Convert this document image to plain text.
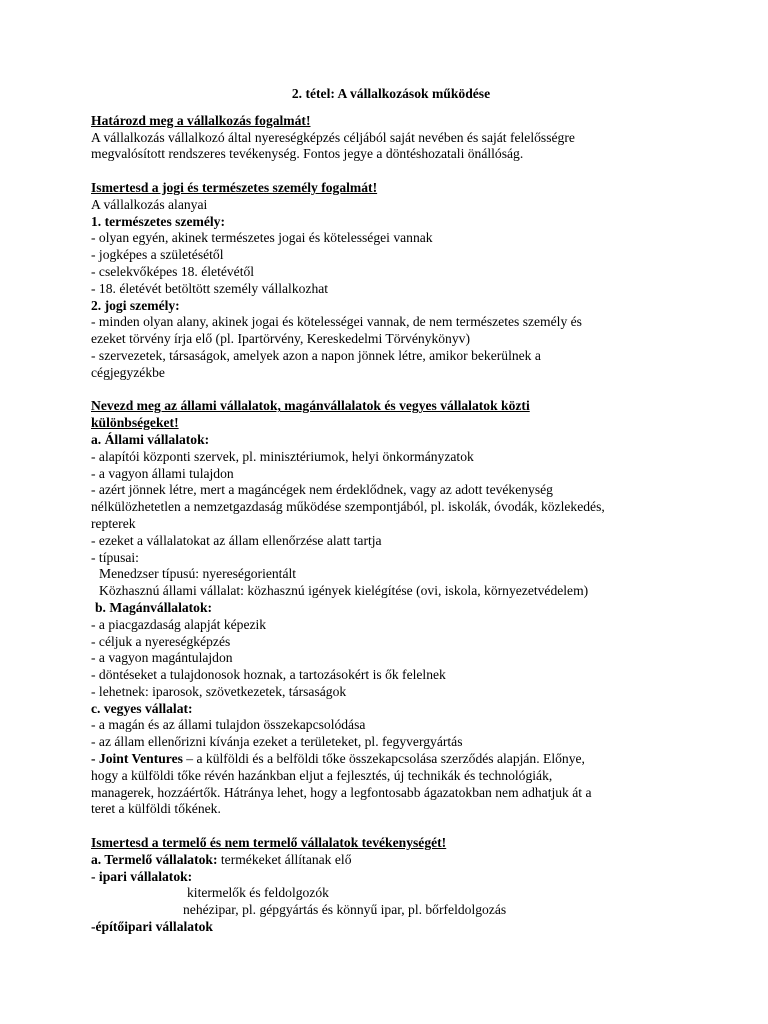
2. tétel: A vállalkozások működése
Határozd meg a vállalkozás fogalmát!
A vállalkozás vállalkozó által nyereségképzés céljából saját nevében és saját felelősségre
megvalósított rendszeres tevékenység. Fontos jegye a döntéshozatali önállóság.
Ismertesd a jogi és természetes személy fogalmát!
A vállalkozás alanyai
1. természetes személy:
- olyan egyén, akinek természetes jogai és kötelességei vannak
- jogképes a születésétől
- cselekvőképes 18. életévétől
- 18. életévét betöltött személy vállalkozhat
2. jogi személy:
- minden olyan alany, akinek jogai és kötelességei vannak, de nem természetes személy és
ezeket törvény írja elő (pl. Ipartörvény, Kereskedelmi Törvénykönyv)
- szervezetek, társaságok, amelyek azon a napon jönnek létre, amikor bekerülnek a
cégjegyzékbe
Nevezd meg az állami vállalatok, magánvállalatok és vegyes vállalatok közti
különbségeket!
a. Állami vállalatok:
- alapítói központi szervek, pl. minisztériumok, helyi önkormányzatok
- a vagyon állami tulajdon
- azért jönnek létre, mert a magáncégek nem érdeklődnek, vagy az adott tevékenység
nélkülözhetetlen a nemzetgazdaság működése szempontjából, pl. iskolák, óvodák, közlekedés,
repterek
- ezeket a vállalatokat az állam ellenőrzése alatt tartja
- típusai:
Menedzser típusú: nyereségorientált
Közhasznú állami vállalat: közhasznú igények kielégítése (ovi, iskola, környezetvédelem)
b. Magánvállalatok:
- a piacgazdaság alapját képezik
- céljuk a nyereségképzés
- a vagyon magántulajdon
- döntéseket a tulajdonosok hoznak, a tartozásokért is ők felelnek
- lehetnek: iparosok, szövetkezetek, társaságok
c. vegyes vállalat:
- a magán és az állami tulajdon összekapcsolódása
- az állam ellenőrizni kívánja ezeket a területeket, pl. fegyvergyártás
- Joint Ventures – a külföldi és a belföldi tőke összekapcsolása szerződés alapján. Előnye,
hogy a külföldi tőke révén hazánkban eljut a fejlesztés, új technikák és technológiák,
managerek, hozzáértők. Hátránya lehet, hogy a legfontosabb ágazatokban nem adhatjuk át a
teret a külföldi tőkének.
Ismertesd a termelő és nem termelő vállalatok tevékenységét!
a. Termelő vállalatok: termékeket állítanak elő
- ipari vállalatok:
kitermelők és feldolgozók
nehézipar, pl. gépgyártás és könnyű ipar, pl. bőrfeldolgozás
-építőipari vállalatok
